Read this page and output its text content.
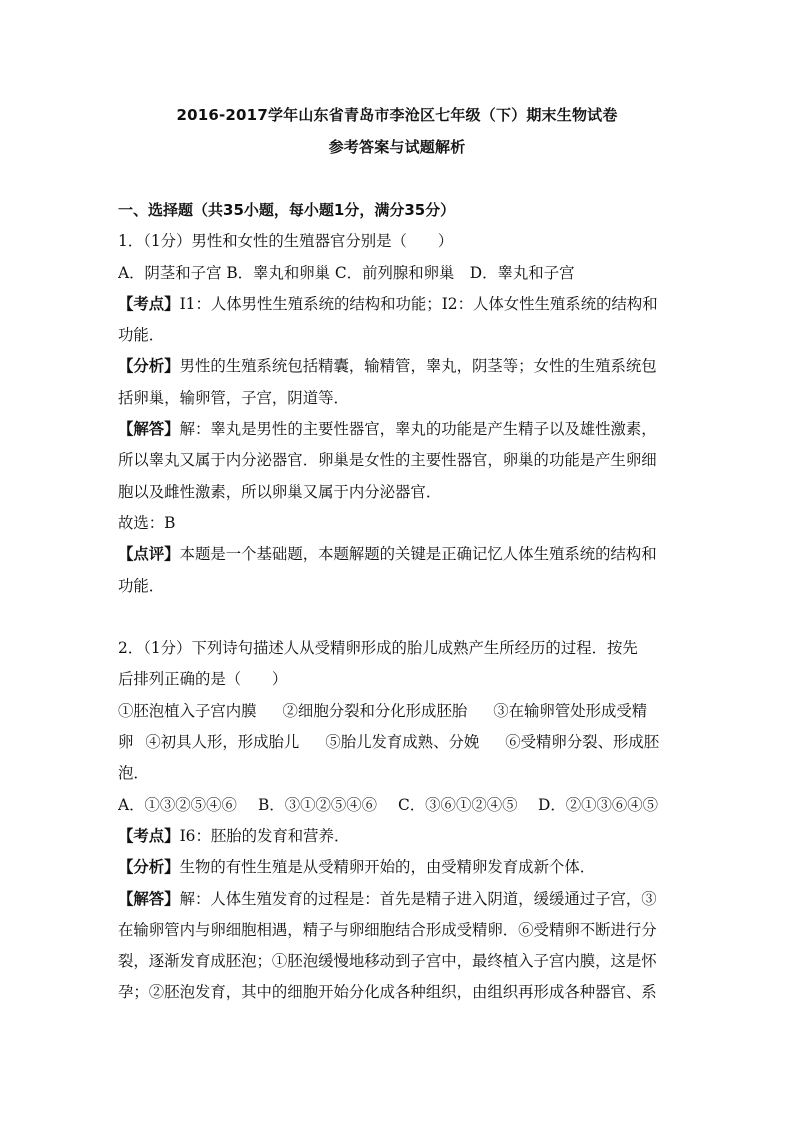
2016-2017学年山东省青岛市李沧区七年级（下）期末生物试卷
参考答案与试题解析
一、选择题（共35小题，每小题1分，满分35分）
1．（1分）男性和女性的生殖器官分别是（　　）
A．阴茎和子宫 B．睾丸和卵巢 C．前列腺和卵巢　D．睾丸和子宫
【考点】I1：人体男性生殖系统的结构和功能；I2：人体女性生殖系统的结构和
功能．
【分析】男性的生殖系统包括精囊，输精管，睾丸，阴茎等；女性的生殖系统包
括卵巢，输卵管，子宫，阴道等．
【解答】解：睾丸是男性的主要性器官，睾丸的功能是产生精子以及雄性激素，
所以睾丸又属于内分泌器官．卵巢是女性的主要性器官，卵巢的功能是产生卵细
胞以及雌性激素，所以卵巢又属于内分泌器官．
故选：B
【点评】本题是一个基础题，本题解题的关键是正确记忆人体生殖系统的结构和
功能．
2．（1分）下列诗句描述人从受精卵形成的胎儿成熟产生所经历的过程．按先
后排列正确的是（　　）
①胚泡植入子宫内膜 ②细胞分裂和分化形成胚胎 ③在输卵管处形成受精
卵 ④初具人形，形成胎儿 ⑤胎儿发育成熟、分娩 ⑥受精卵分裂、形成胚
泡．
A．①③②⑤④⑥ B．③①②⑤④⑥ C．③⑥①②④⑤ D．②①③⑥④⑤
【考点】I6：胚胎的发育和营养．
【分析】生物的有性生殖是从受精卵开始的，由受精卵发育成新个体．
【解答】解：人体生殖发育的过程是：首先是精子进入阴道，缓缓通过子宫，③
在输卵管内与卵细胞相遇，精子与卵细胞结合形成受精卵．⑥受精卵不断进行分
裂，逐渐发育成胚泡；①胚泡缓慢地移动到子宫中，最终植入子宫内膜，这是怀
孕；②胚泡发育，其中的细胞开始分化成各种组织，由组织再形成各种器官、系
